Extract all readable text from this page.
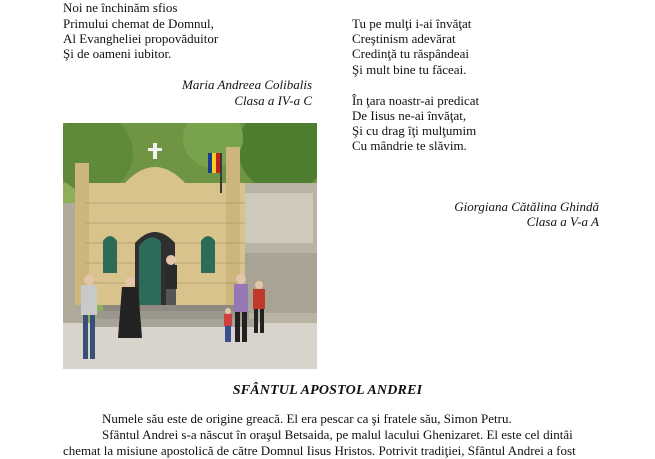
Noi ne închinăm sfios
Primului chemat de Domnul,
Al Evangheliei propovăduitor
Şi de oameni iubitor.
Maria Andreea Colibalis
Clasa a IV-a C
Tu pe mulţi i-ai învăţat
Creştinism adevărat
Credinţă tu răspândeai
Şi mult bine tu făceai.
În ţara noastr-ai predicat
De Iisus ne-ai învăţat,
Şi cu drag îţi mulţumim
Cu mândrie te slăvim.
Giorgiana Cătălina Ghindă
Clasa a V-a A
SFÂNTUL APOSTOL ANDREI
Numele său este de origine greacă. El era pescar ca şi fratele său, Simon Petru.
Sfântul Andrei s-a născut în oraşul Betsaida, pe malul lacului Ghenizaret. El este cel dintâi
chemat la misiune apostolică de către Domnul Iisus Hristos. Potrivit tradiţiei, Sfântul Andrei a fost
